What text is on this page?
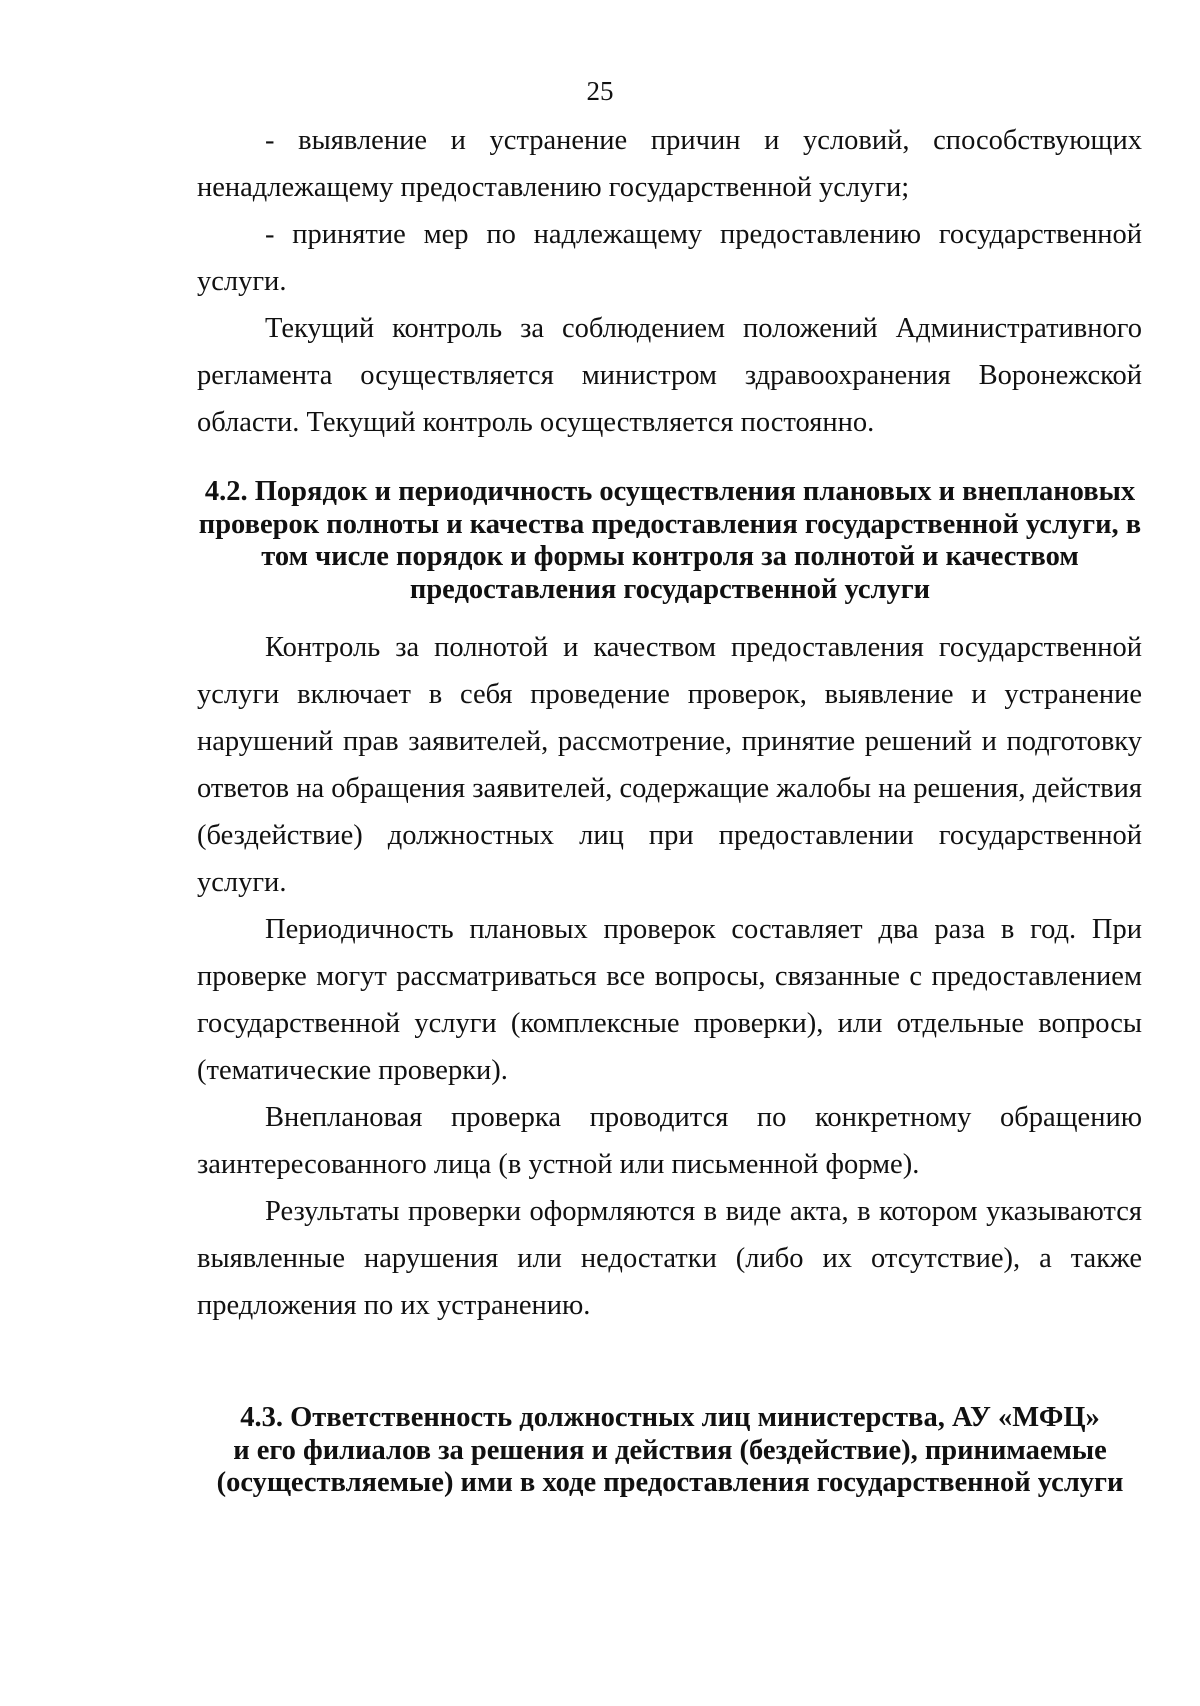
25

- выявление и устранение причин и условий, способствующих ненадлежащему предоставлению государственной услуги;

- принятие мер по надлежащему предоставлению государственной услуги.

Текущий контроль за соблюдением положений Административного регламента осуществляется министром здравоохранения Воронежской области. Текущий контроль осуществляется постоянно.

4.2. Порядок и периодичность осуществления плановых и внеплановых
проверок полноты и качества предоставления государственной услуги, в
том числе порядок и формы контроля за полнотой и качеством
предоставления государственной услуги

Контроль за полнотой и качеством предоставления государственной услуги включает в себя проведение проверок, выявление и устранение нарушений прав заявителей, рассмотрение, принятие решений и подготовку ответов на обращения заявителей, содержащие жалобы на решения, действия (бездействие) должностных лиц при предоставлении государственной услуги.

Периодичность плановых проверок составляет два раза в год. При проверке могут рассматриваться все вопросы, связанные с предоставлением государственной услуги (комплексные проверки), или отдельные вопросы (тематические проверки).

Внеплановая проверка проводится по конкретному обращению заинтересованного лица (в устной или письменной форме).

Результаты проверки оформляются в виде акта, в котором указываются выявленные нарушения или недостатки (либо их отсутствие), а также предложения по их устранению.

4.3. Ответственность должностных лиц министерства, АУ «МФЦ»
и его филиалов за решения и действия (бездействие), принимаемые
(осуществляемые) ими в ходе предоставления государственной услуги
